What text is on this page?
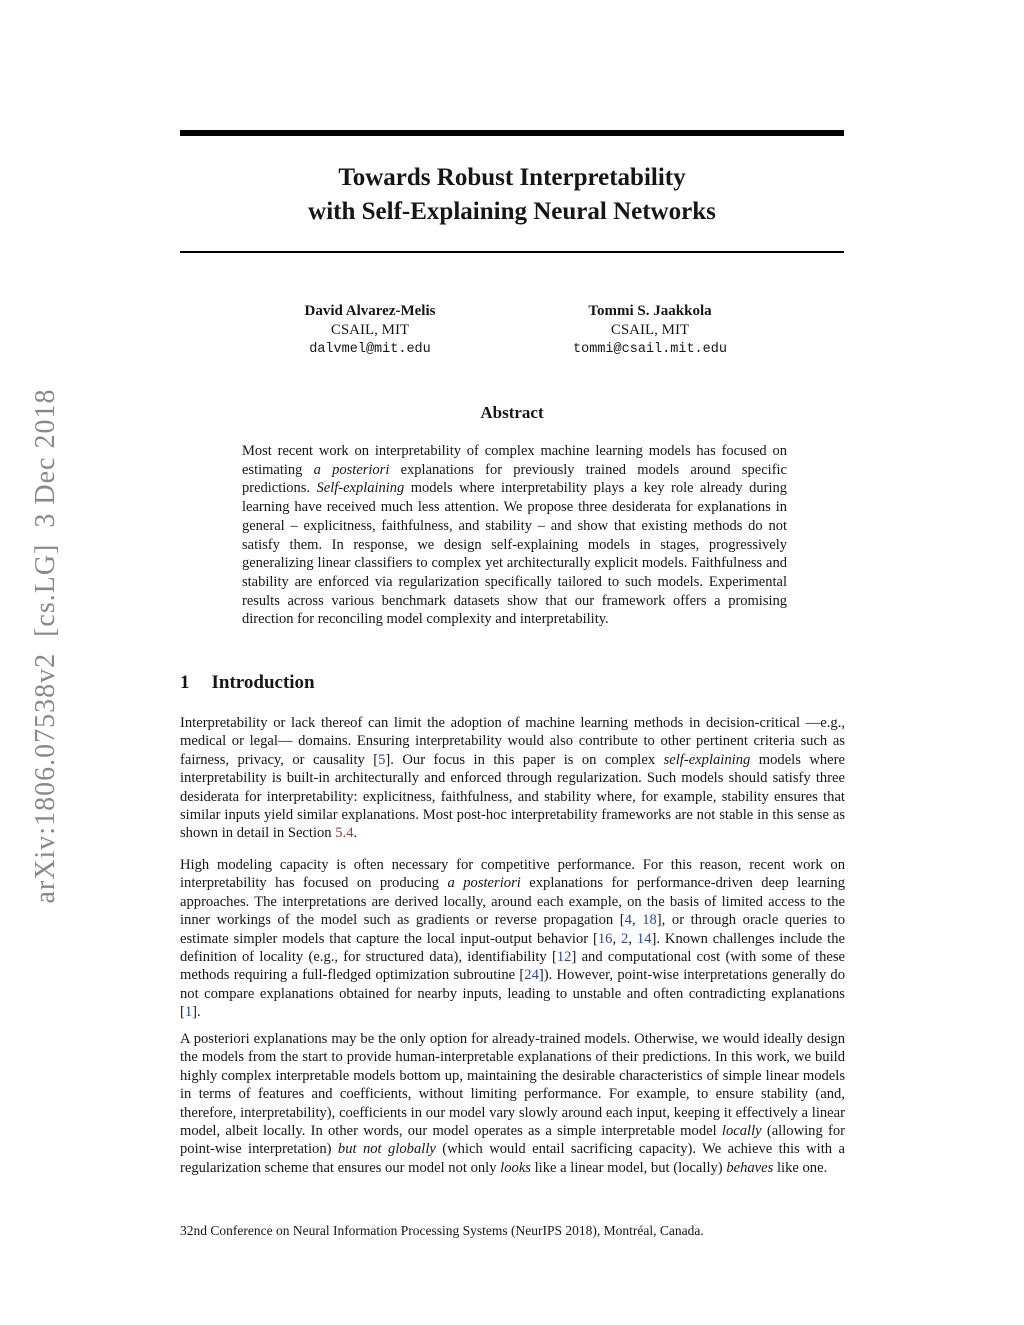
arXiv:1806.07538v2  [cs.LG]  3 Dec 2018
Towards Robust Interpretability
with Self-Explaining Neural Networks
David Alvarez-Melis
CSAIL, MIT
dalvmel@mit.edu
Tommi S. Jaakkola
CSAIL, MIT
tommi@csail.mit.edu
Abstract

Most recent work on interpretability of complex machine learning models has focused on estimating a posteriori explanations for previously trained models around specific predictions. Self-explaining models where interpretability plays a key role already during learning have received much less attention. We propose three desiderata for explanations in general – explicitness, faithfulness, and stability – and show that existing methods do not satisfy them. In response, we design self-explaining models in stages, progressively generalizing linear classifiers to complex yet architecturally explicit models. Faithfulness and stability are enforced via regularization specifically tailored to such models. Experimental results across various benchmark datasets show that our framework offers a promising direction for reconciling model complexity and interpretability.

1 Introduction

Interpretability or lack thereof can limit the adoption of machine learning methods in decision-critical —e.g., medical or legal— domains. Ensuring interpretability would also contribute to other pertinent criteria such as fairness, privacy, or causality [5]. Our focus in this paper is on complex self-explaining models where interpretability is built-in architecturally and enforced through regularization. Such models should satisfy three desiderata for interpretability: explicitness, faithfulness, and stability where, for example, stability ensures that similar inputs yield similar explanations. Most post-hoc interpretability frameworks are not stable in this sense as shown in detail in Section 5.4.

High modeling capacity is often necessary for competitive performance. For this reason, recent work on interpretability has focused on producing a posteriori explanations for performance-driven deep learning approaches. The interpretations are derived locally, around each example, on the basis of limited access to the inner workings of the model such as gradients or reverse propagation [4, 18], or through oracle queries to estimate simpler models that capture the local input-output behavior [16, 2, 14]. Known challenges include the definition of locality (e.g., for structured data), identifiability [12] and computational cost (with some of these methods requiring a full-fledged optimization subroutine [24]). However, point-wise interpretations generally do not compare explanations obtained for nearby inputs, leading to unstable and often contradicting explanations [1].

A posteriori explanations may be the only option for already-trained models. Otherwise, we would ideally design the models from the start to provide human-interpretable explanations of their predictions. In this work, we build highly complex interpretable models bottom up, maintaining the desirable characteristics of simple linear models in terms of features and coefficients, without limiting performance. For example, to ensure stability (and, therefore, interpretability), coefficients in our model vary slowly around each input, keeping it effectively a linear model, albeit locally. In other words, our model operates as a simple interpretable model locally (allowing for point-wise interpretation) but not globally (which would entail sacrificing capacity). We achieve this with a regularization scheme that ensures our model not only looks like a linear model, but (locally) behaves like one.

32nd Conference on Neural Information Processing Systems (NeurIPS 2018), Montréal, Canada.
